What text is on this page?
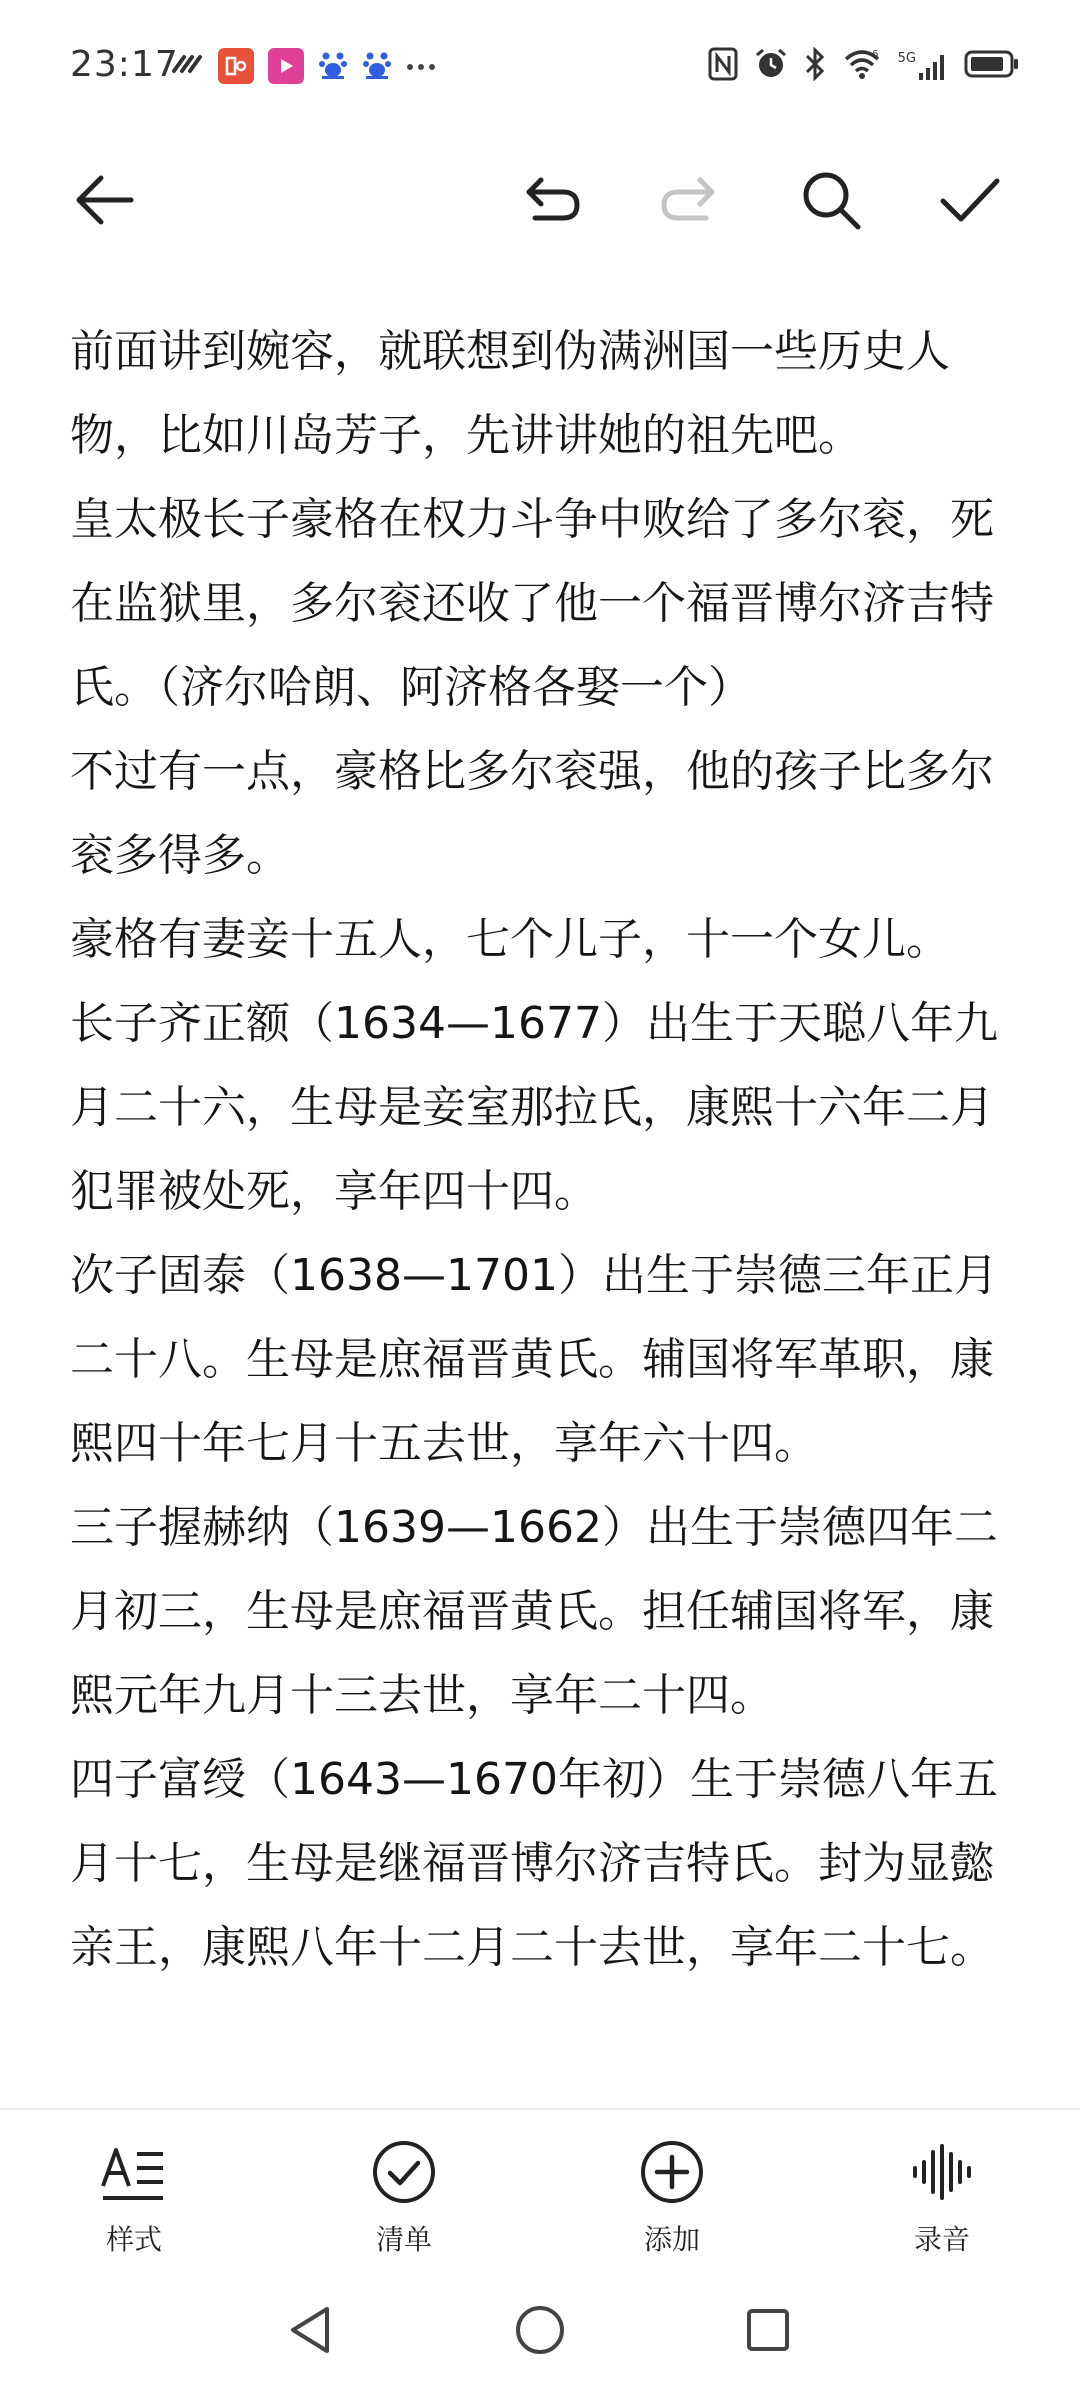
23:17	6 5G

前面讲到婉容，就联想到伪满洲国一些历史人物，比如川岛芳子，先讲讲她的祖先吧。

皇太极长子豪格在权力斗争中败给了多尔衮，死在监狱里，多尔衮还收了他一个福晋博尔济吉特氏。（济尔哈朗、阿济格各娶一个）

不过有一点，豪格比多尔衮强，他的孩子比多尔衮多得多。

豪格有妻妾十五人，七个儿子，十一个女儿。

长子齐正额（1634—1677）出生于天聪八年九月二十六，生母是妾室那拉氏，康熙十六年二月犯罪被处死，享年四十四。

次子固泰（1638—1701）出生于崇德三年正月二十八。生母是庶福晋黄氏。辅国将军革职，康熙四十年七月十五去世，享年六十四。

三子握赫纳（1639—1662）出生于崇德四年二月初三，生母是庶福晋黄氏。担任辅国将军，康熙元年九月十三去世，享年二十四。

四子富绶（1643—1670年初）生于崇德八年五月十七，生母是继福晋博尔济吉特氏。封为显懿亲王，康熙八年十二月二十去世，享年二十七。

样式	清单	添加	录音
